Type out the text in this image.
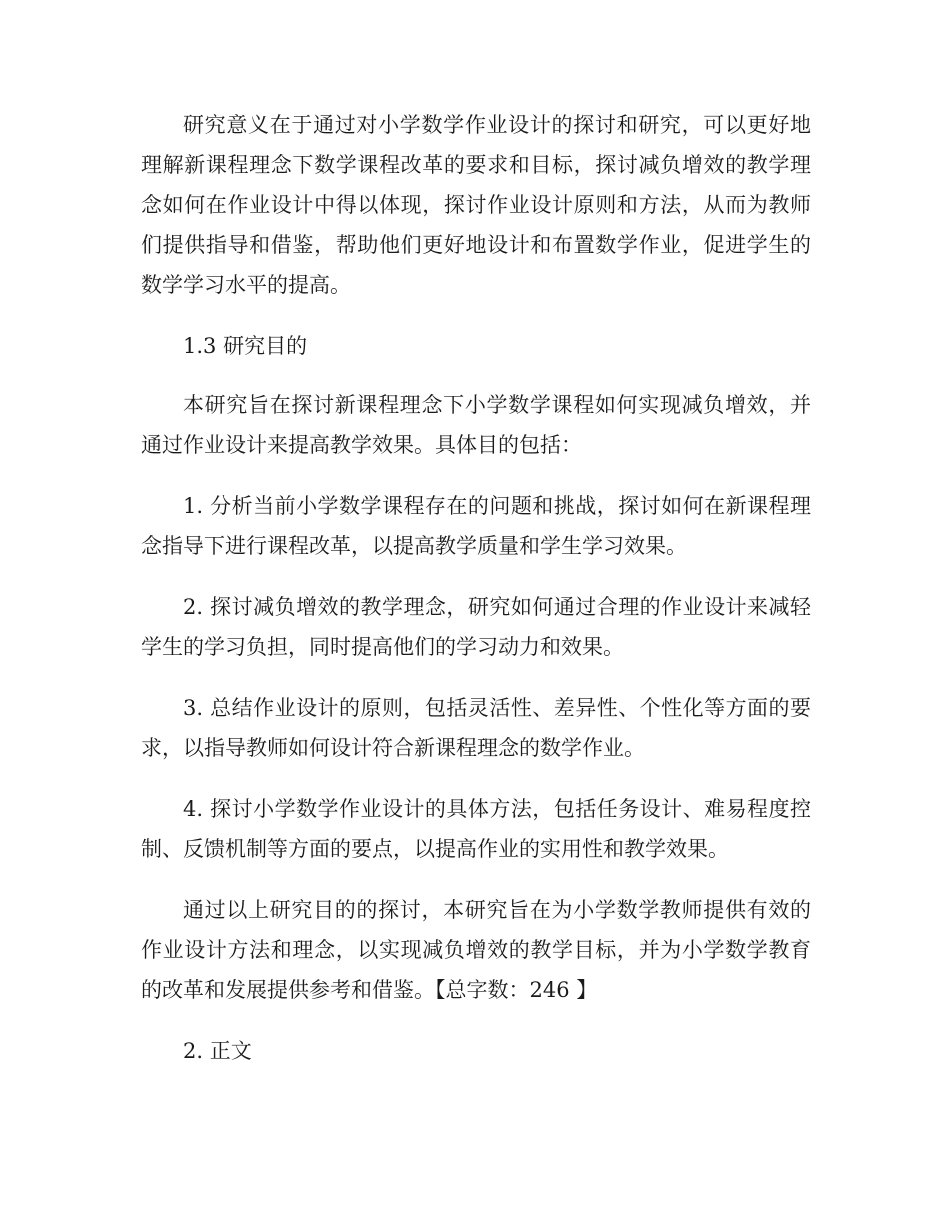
研究意义在于通过对小学数学作业设计的探讨和研究，可以更好地理解新课程理念下数学课程改革的要求和目标，探讨减负增效的教学理念如何在作业设计中得以体现，探讨作业设计原则和方法，从而为教师们提供指导和借鉴，帮助他们更好地设计和布置数学作业，促进学生的数学学习水平的提高。

1.3 研究目的

本研究旨在探讨新课程理念下小学数学课程如何实现减负增效，并通过作业设计来提高教学效果。具体目的包括：

1. 分析当前小学数学课程存在的问题和挑战，探讨如何在新课程理念指导下进行课程改革，以提高教学质量和学生学习效果。

2. 探讨减负增效的教学理念，研究如何通过合理的作业设计来减轻学生的学习负担，同时提高他们的学习动力和效果。

3. 总结作业设计的原则，包括灵活性、差异性、个性化等方面的要求，以指导教师如何设计符合新课程理念的数学作业。

4. 探讨小学数学作业设计的具体方法，包括任务设计、难易程度控制、反馈机制等方面的要点，以提高作业的实用性和教学效果。

通过以上研究目的的探讨，本研究旨在为小学数学教师提供有效的作业设计方法和理念，以实现减负增效的教学目标，并为小学数学教育的改革和发展提供参考和借鉴。【总字数：246 】

2. 正文
